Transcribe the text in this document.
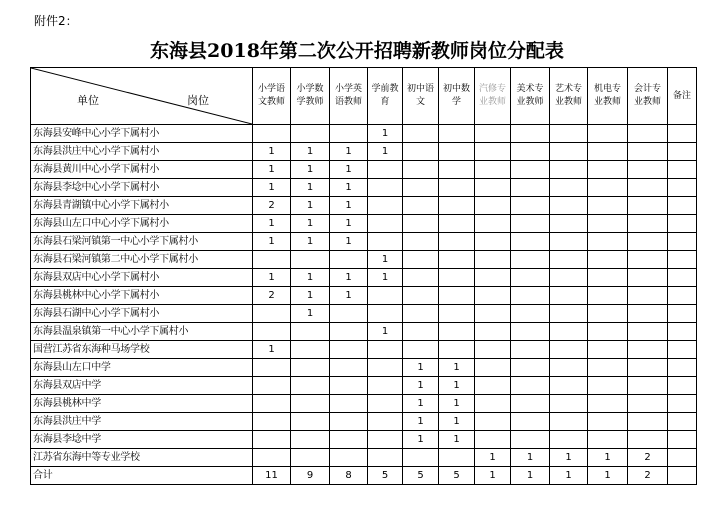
附件2：
东海县2018年第二次公开招聘新教师岗位分配表
单位 岗位	小学语文教师	小学数学教师	小学英语教师	学前教育	初中语文	初中数学	汽修专业教师	美术专业教师	艺术专业教师	机电专业教师	会计专业教师	备注

东海县安峰中心小学下属村小				1								
东海县洪庄中心小学下属村小	1	1	1	1								
东海县黄川中心小学下属村小	1	1	1									
东海县李埝中心小学下属村小	1	1	1									
东海县青湖镇中心小学下属村小	2	1	1									
东海县山左口中心小学下属村小	1	1	1									
东海县石梁河镇第一中心小学下属村小	1	1	1									
东海县石梁河镇第二中心小学下属村小				1								
东海县双店中心小学下属村小	1	1	1	1								
东海县桃林中心小学下属村小	2	1	1									
东海县石湖中心小学下属村小		1										
东海县温泉镇第一中心小学下属村小				1								
国营江苏省东海种马场学校	1											
东海县山左口中学					1	1						
东海县双店中学					1	1						
东海县桃林中学					1	1						
东海县洪庄中学					1	1						
东海县李埝中学					1	1						
江苏省东海中等专业学校							1	1	1	1	2	
合计	11	9	8	5	5	5	1	1	1	1	2	
